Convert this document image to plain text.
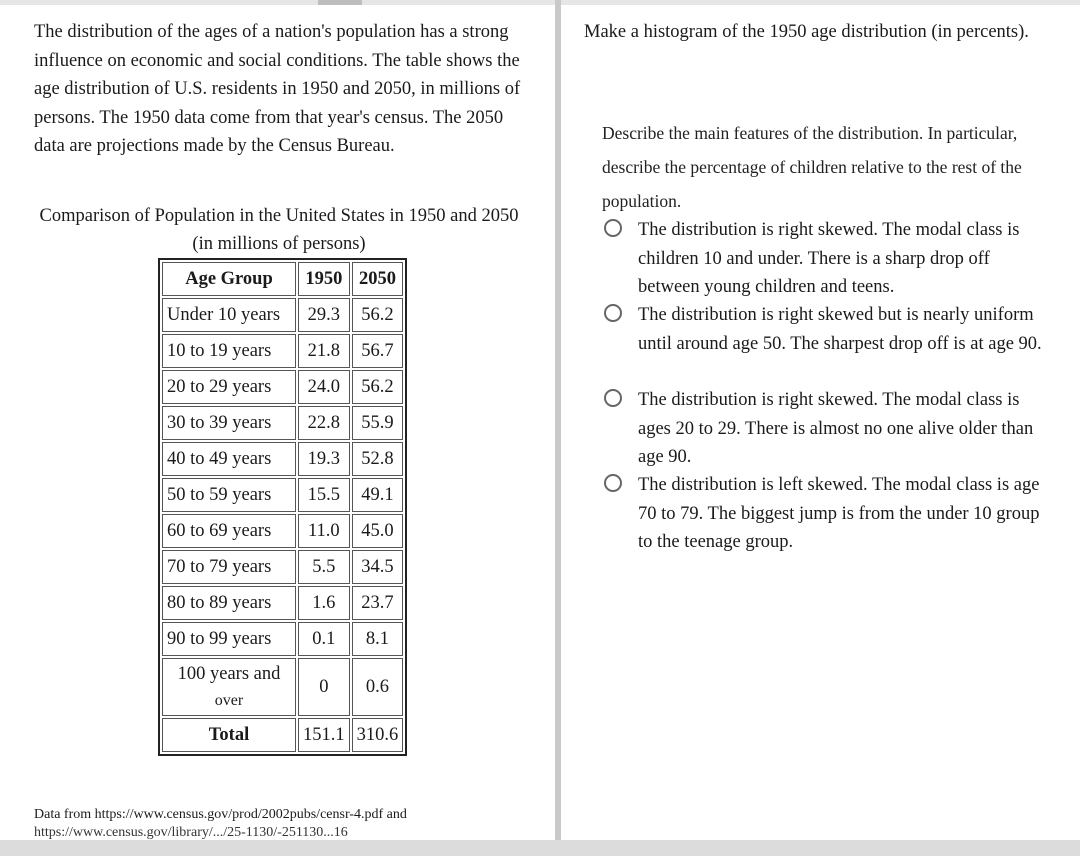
The distribution of the ages of a nation's population has a strong influence on economic and social conditions. The table shows the age distribution of U.S. residents in 1950 and 2050, in millions of persons. The 1950 data come from that year's census. The 2050 data are projections made by the Census Bureau.

Comparison of Population in the United States in 1950 and 2050 (in millions of persons)
Age Group	1950	2050
Under 10 years	29.3	56.2
10 to 19 years	21.8	56.7
20 to 29 years	24.0	56.2
30 to 39 years	22.8	55.9
40 to 49 years	19.3	52.8
50 to 59 years	15.5	49.1
60 to 69 years	11.0	45.0
70 to 79 years	5.5	34.5
80 to 89 years	1.6	23.7
90 to 99 years	0.1	8.1
100 years and
over	0	0.6
Total	151.1	310.6
Data from https://www.census.gov/prod/2002pubs/censr-4.pdf and
https://www.census.gov/library/.../25-1130/-251130...16
Make a histogram of the 1950 age distribution (in percents).
Describe the main features of the distribution. In particular, describe the percentage of children relative to the rest of the population.
The distribution is right skewed. The modal class is children 10 and under. There is a sharp drop off between young children and teens.
The distribution is right skewed but is nearly uniform until around age 50. The sharpest drop off is at age 90.
The distribution is right skewed. The modal class is ages 20 to 29. There is almost no one alive older than age 90.
The distribution is left skewed. The modal class is age 70 to 79. The biggest jump is from the under 10 group to the teenage group.
